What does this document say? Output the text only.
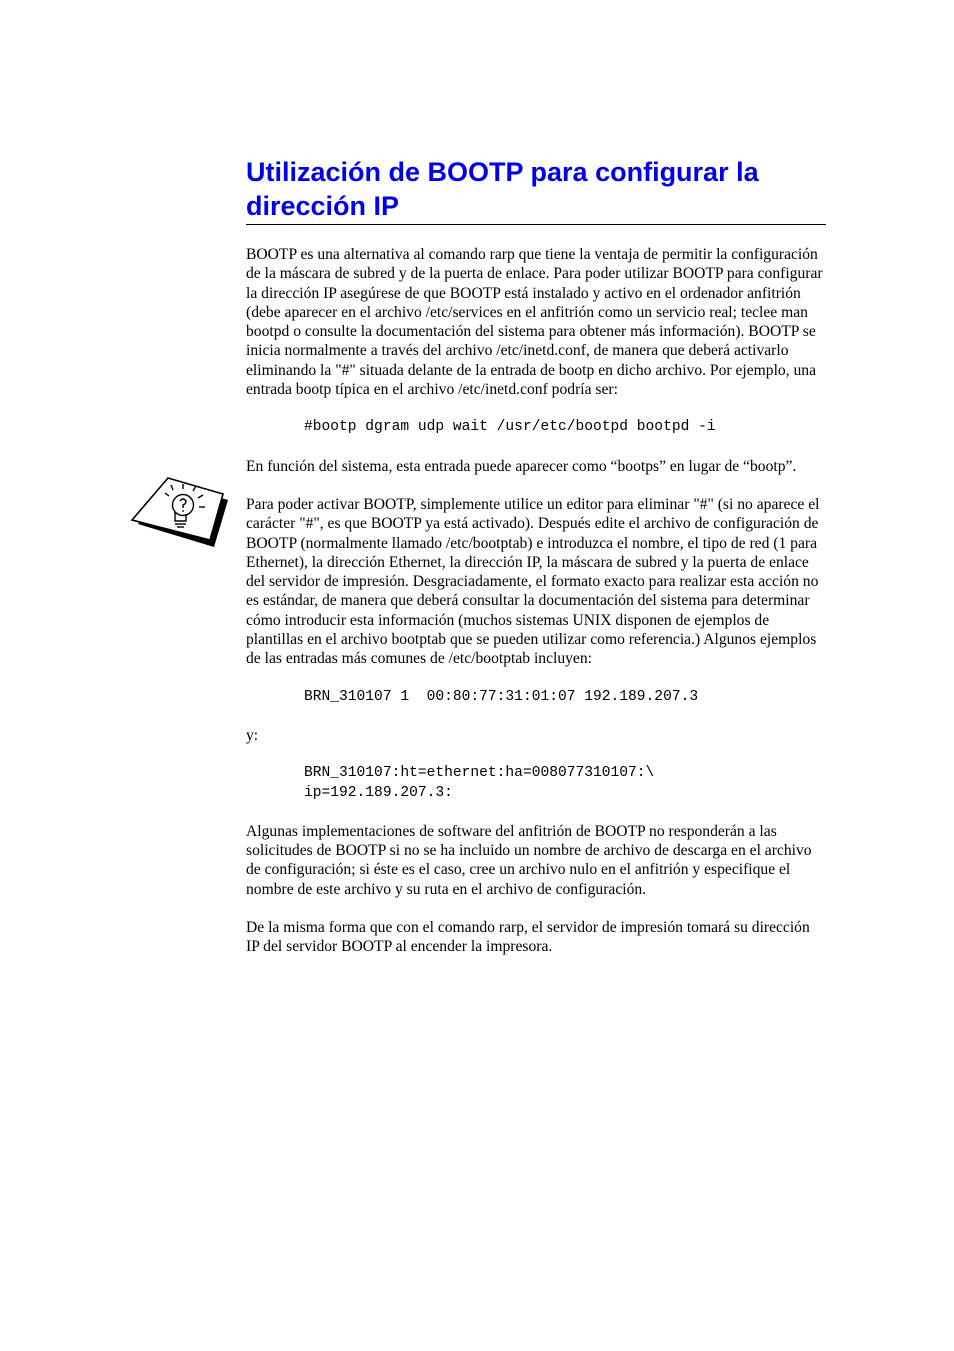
Utilización de BOOTP para configurar la
dirección IP

BOOTP es una alternativa al comando rarp que tiene la ventaja de permitir la configuración de la máscara de subred y de la puerta de enlace. Para poder utilizar BOOTP para configurar la dirección IP asegúrese de que BOOTP está instalado y activo en el ordenador anfitrión (debe aparecer en el archivo /etc/services en el anfitrión como un servicio real; teclee man bootpd o consulte la documentación del sistema para obtener más información). BOOTP se inicia normalmente a través del archivo /etc/inetd.conf, de manera que deberá activarlo eliminando la "#" situada delante de la entrada de bootp en dicho archivo. Por ejemplo, una entrada bootp típica en el archivo /etc/inetd.conf podría ser:

#bootp dgram udp wait /usr/etc/bootpd bootpd -i

En función del sistema, esta entrada puede aparecer como “bootps” en lugar de “bootp”.

Para poder activar BOOTP, simplemente utilice un editor para eliminar "#" (si no aparece el carácter "#", es que BOOTP ya está activado). Después edite el archivo de configuración de BOOTP (normalmente llamado /etc/bootptab) e introduzca el nombre, el tipo de red (1 para Ethernet), la dirección Ethernet, la dirección IP, la máscara de subred y la puerta de enlace del servidor de impresión. Desgraciadamente, el formato exacto para realizar esta acción no es estándar, de manera que deberá consultar la documentación del sistema para determinar cómo introducir esta información (muchos sistemas UNIX disponen de ejemplos de plantillas en el archivo bootptab que se pueden utilizar como referencia.) Algunos ejemplos de las entradas más comunes de /etc/bootptab incluyen:

BRN_310107 1  00:80:77:31:01:07 192.189.207.3

y:

BRN_310107:ht=ethernet:ha=008077310107:\

ip=192.189.207.3:

Algunas implementaciones de software del anfitrión de BOOTP no responderán a las solicitudes de BOOTP si no se ha incluido un nombre de archivo de descarga en el archivo de configuración; si éste es el caso, cree un archivo nulo en el anfitrión y especifique el nombre de este archivo y su ruta en el archivo de configuración.

De la misma forma que con el comando rarp, el servidor de impresión tomará su dirección IP del servidor BOOTP al encender la impresora.
